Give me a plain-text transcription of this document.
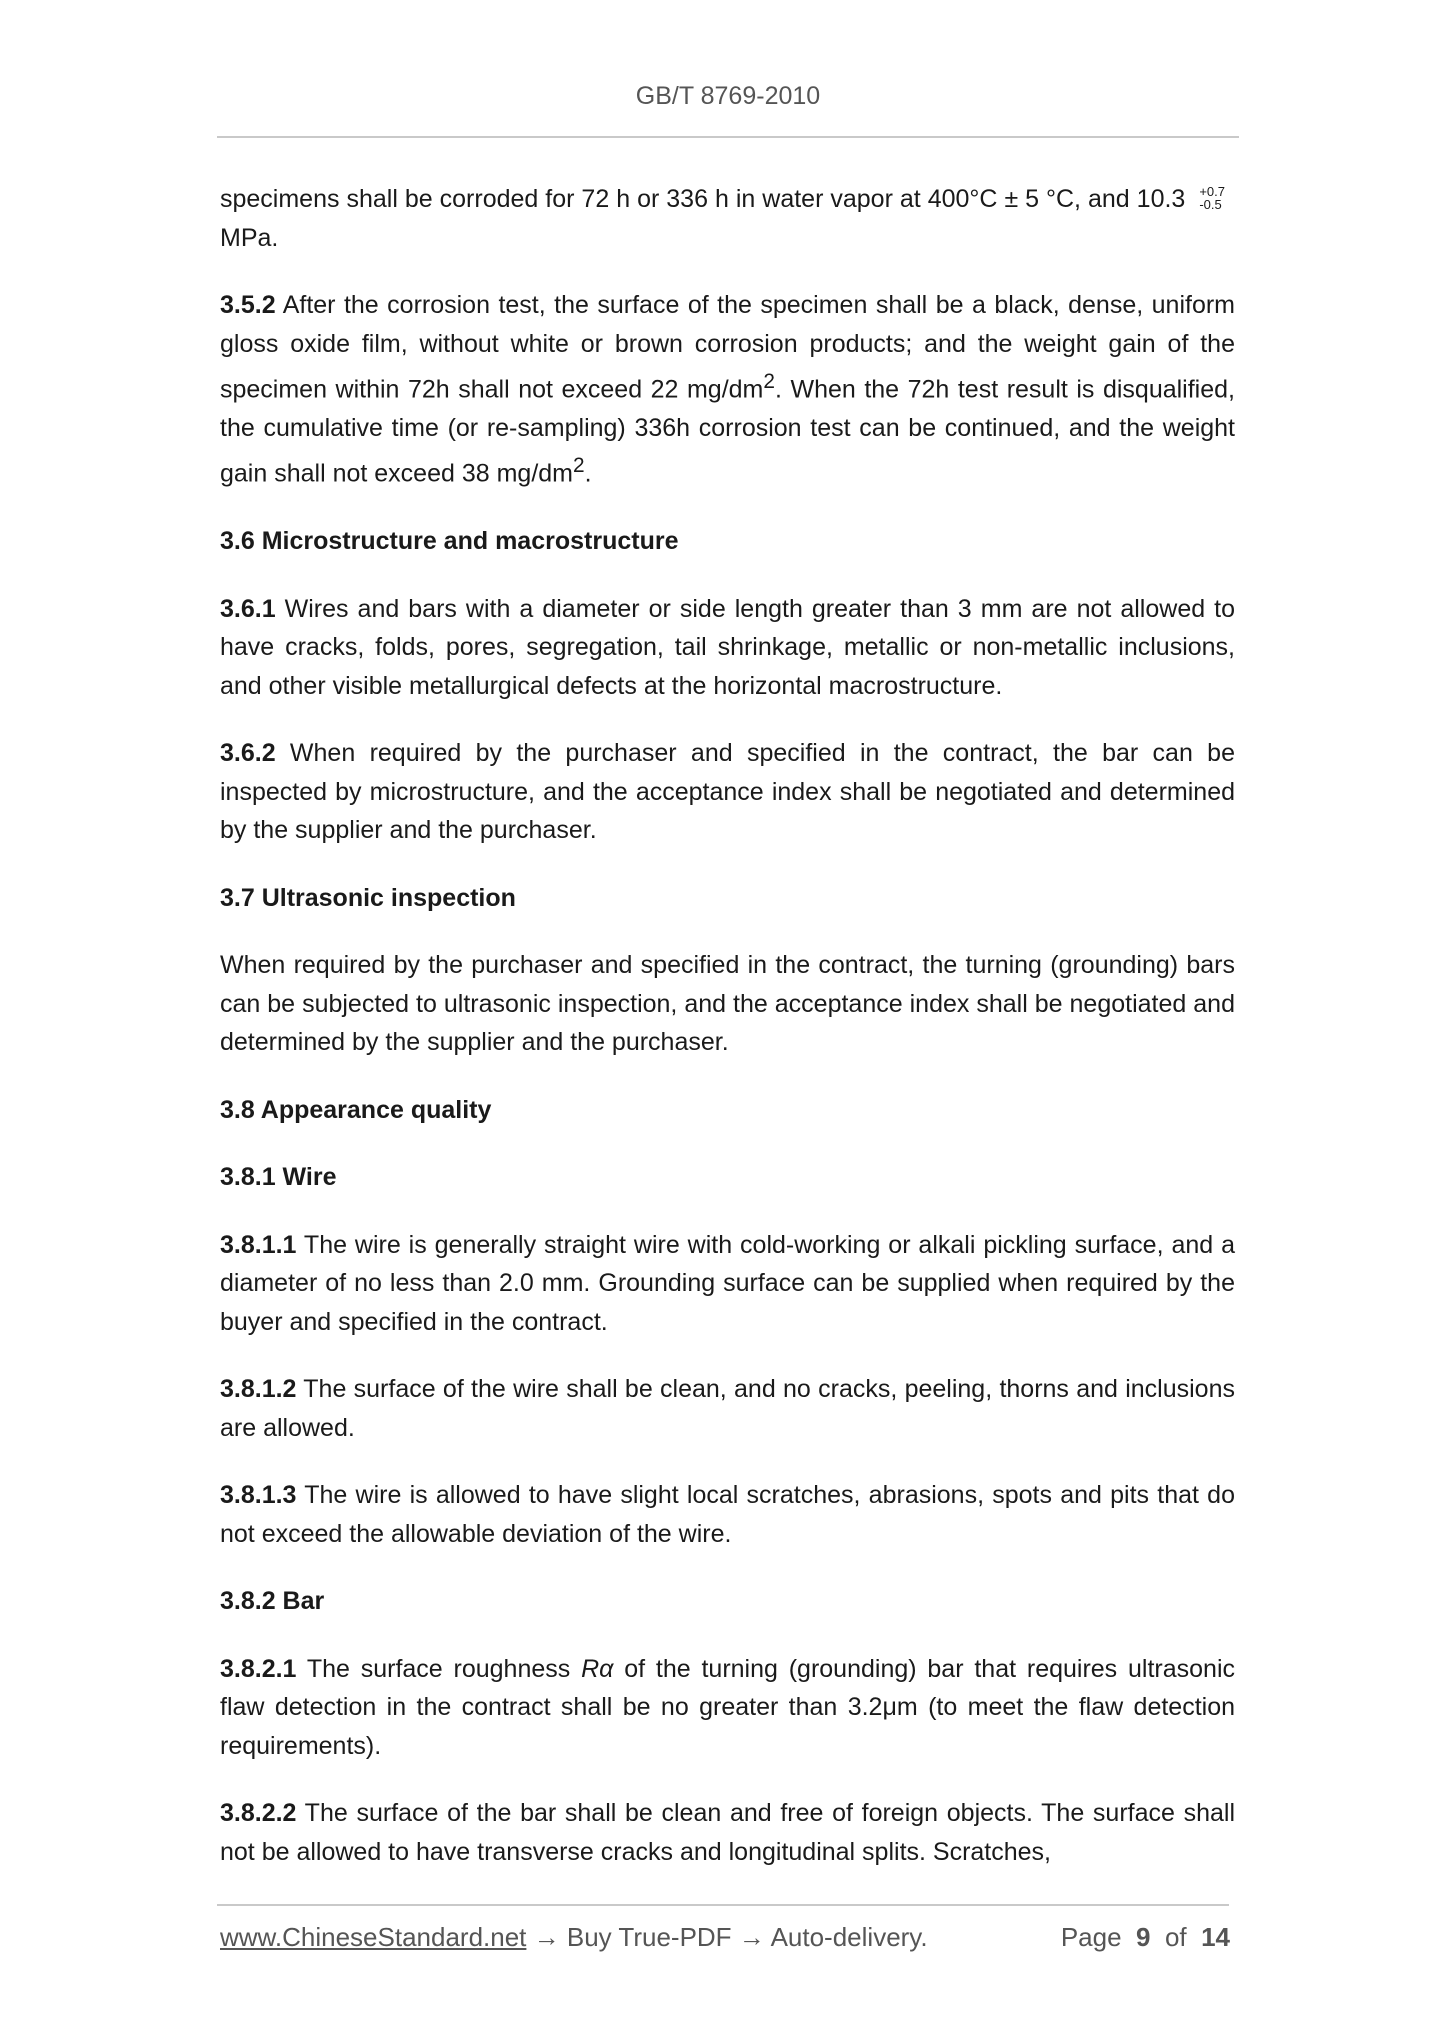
GB/T 8769-2010

specimens shall be corroded for 72 h or 336 h in water vapor at 400°C ± 5 °C, and 10.3 +0.7
-0.5
MPa.

3.5.2 After the corrosion test, the surface of the specimen shall be a black, dense, uniform gloss oxide film, without white or brown corrosion products; and the weight gain of the specimen within 72h shall not exceed 22 $mg/dm^2$. When the 72h test result is disqualified, the cumulative time (or re-sampling) 336h corrosion test can be continued, and the weight gain shall not exceed 38 $mg/dm^2$.

3.6 Microstructure and macrostructure

3.6.1 Wires and bars with a diameter or side length greater than 3 mm are not allowed to have cracks, folds, pores, segregation, tail shrinkage, metallic or non-metallic inclusions, and other visible metallurgical defects at the horizontal macrostructure.

3.6.2 When required by the purchaser and specified in the contract, the bar can be inspected by microstructure, and the acceptance index shall be negotiated and determined by the supplier and the purchaser.

3.7 Ultrasonic inspection

When required by the purchaser and specified in the contract, the turning (grounding) bars can be subjected to ultrasonic inspection, and the acceptance index shall be negotiated and determined by the supplier and the purchaser.

3.8 Appearance quality

3.8.1 Wire

3.8.1.1 The wire is generally straight wire with cold-working or alkali pickling surface, and a diameter of no less than 2.0 mm. Grounding surface can be supplied when required by the buyer and specified in the contract.

3.8.1.2 The surface of the wire shall be clean, and no cracks, peeling, thorns and inclusions are allowed.

3.8.1.3 The wire is allowed to have slight local scratches, abrasions, spots and pits that do not exceed the allowable deviation of the wire.

3.8.2 Bar

3.8.2.1 The surface roughness Rα of the turning (grounding) bar that requires ultrasonic flaw detection in the contract shall be no greater than 3.2μm (to meet the flaw detection requirements).

3.8.2.2 The surface of the bar shall be clean and free of foreign objects. The surface shall not be allowed to have transverse cracks and longitudinal splits. Scratches,

www.ChineseStandard.net → Buy True-PDF → Auto-delivery.	Page 9 of 14
